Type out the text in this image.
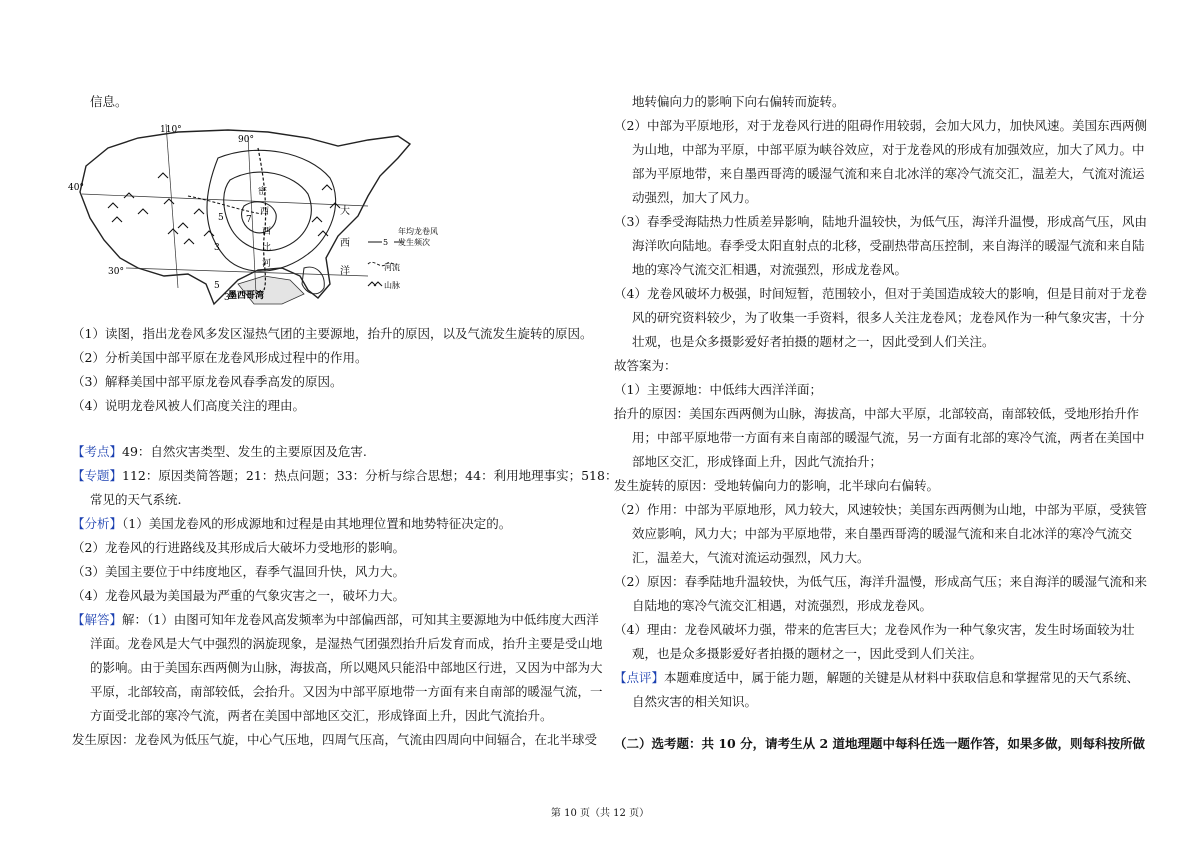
信息。
110°
90°
40°
30°
5 7
3
5
3
大
西
洋
密
西
西
比
河
墨西哥湾
5
年均龙卷风
发生频次
河流
山脉
（1）读图，指出龙卷风多发区湿热气团的主要源地，抬升的原因，以及气流发生旋转的原因。
（2）分析美国中部平原在龙卷风形成过程中的作用。
（3）解释美国中部平原龙卷风春季高发的原因。
（4）说明龙卷风被人们高度关注的理由。
【考点】49：自然灾害类型、发生的主要原因及危害.
【专题】112：原因类简答题；21：热点问题；33：分析与综合思想；44：利用地理事实；518：
常见的天气系统.
【分析】（1）美国龙卷风的形成源地和过程是由其地理位置和地势特征决定的。
（2）龙卷风的行进路线及其形成后大破坏力受地形的影响。
（3）美国主要位于中纬度地区，春季气温回升快，风力大。
（4）龙卷风最为美国最为严重的气象灾害之一，破坏力大。
【解答】解：（1）由图可知年龙卷风高发频率为中部偏西部，可知其主要源地为中低纬度大西洋
洋面。龙卷风是大气中强烈的涡旋现象，是湿热气团强烈抬升后发育而成，抬升主要是受山地
的影响。由于美国东西两侧为山脉，海拔高，所以飓风只能沿中部地区行进，又因为中部为大
平原，北部较高，南部较低，会抬升。又因为中部平原地带一方面有来自南部的暖湿气流，一
方面受北部的寒冷气流，两者在美国中部地区交汇，形成锋面上升，因此气流抬升。
发生原因：龙卷风为低压气旋，中心气压地，四周气压高，气流由四周向中间辐合，在北半球受
地转偏向力的影响下向右偏转而旋转。
（2）中部为平原地形，对于龙卷风行进的阻碍作用较弱，会加大风力，加快风速。美国东西两侧
为山地，中部为平原，中部平原为峡谷效应，对于龙卷风的形成有加强效应，加大了风力。中
部为平原地带，来自墨西哥湾的暖湿气流和来自北冰洋的寒冷气流交汇，温差大，气流对流运
动强烈，加大了风力。
（3）春季受海陆热力性质差异影响，陆地升温较快，为低气压，海洋升温慢，形成高气压，风由
海洋吹向陆地。春季受太阳直射点的北移，受副热带高压控制，来自海洋的暖湿气流和来自陆
地的寒冷气流交汇相遇，对流强烈，形成龙卷风。
（4）龙卷风破坏力极强，时间短暂，范围较小，但对于美国造成较大的影响，但是目前对于龙卷
风的研究资料较少，为了收集一手资料，很多人关注龙卷风；龙卷风作为一种气象灾害，十分
壮观，也是众多摄影爱好者拍摄的题材之一，因此受到人们关注。
故答案为：
（1）主要源地：中低纬大西洋洋面；
抬升的原因：美国东西两侧为山脉，海拔高，中部大平原，北部较高，南部较低，受地形抬升作
用；中部平原地带一方面有来自南部的暖湿气流，另一方面有北部的寒冷气流，两者在美国中
部地区交汇，形成锋面上升，因此气流抬升；
发生旋转的原因：受地转偏向力的影响，北半球向右偏转。
（2）作用：中部为平原地形，风力较大，风速较快；美国东西两侧为山地，中部为平原，受狭管
效应影响，风力大；中部为平原地带，来自墨西哥湾的暖湿气流和来自北冰洋的寒冷气流交
汇，温差大，气流对流运动强烈，风力大。
（2）原因：春季陆地升温较快，为低气压，海洋升温慢，形成高气压；来自海洋的暖湿气流和来
自陆地的寒冷气流交汇相遇，对流强烈，形成龙卷风。
（4）理由：龙卷风破坏力强，带来的危害巨大；龙卷风作为一种气象灾害，发生时场面较为壮
观，也是众多摄影爱好者拍摄的题材之一，因此受到人们关注。
【点评】本题难度适中，属于能力题，解题的关键是从材料中获取信息和掌握常见的天气系统、
自然灾害的相关知识。
（二）选考题：共 10 分，请考生从 2 道地理题中每科任选一题作答，如果多做，则每科按所做
第 10 页（共 12 页）
